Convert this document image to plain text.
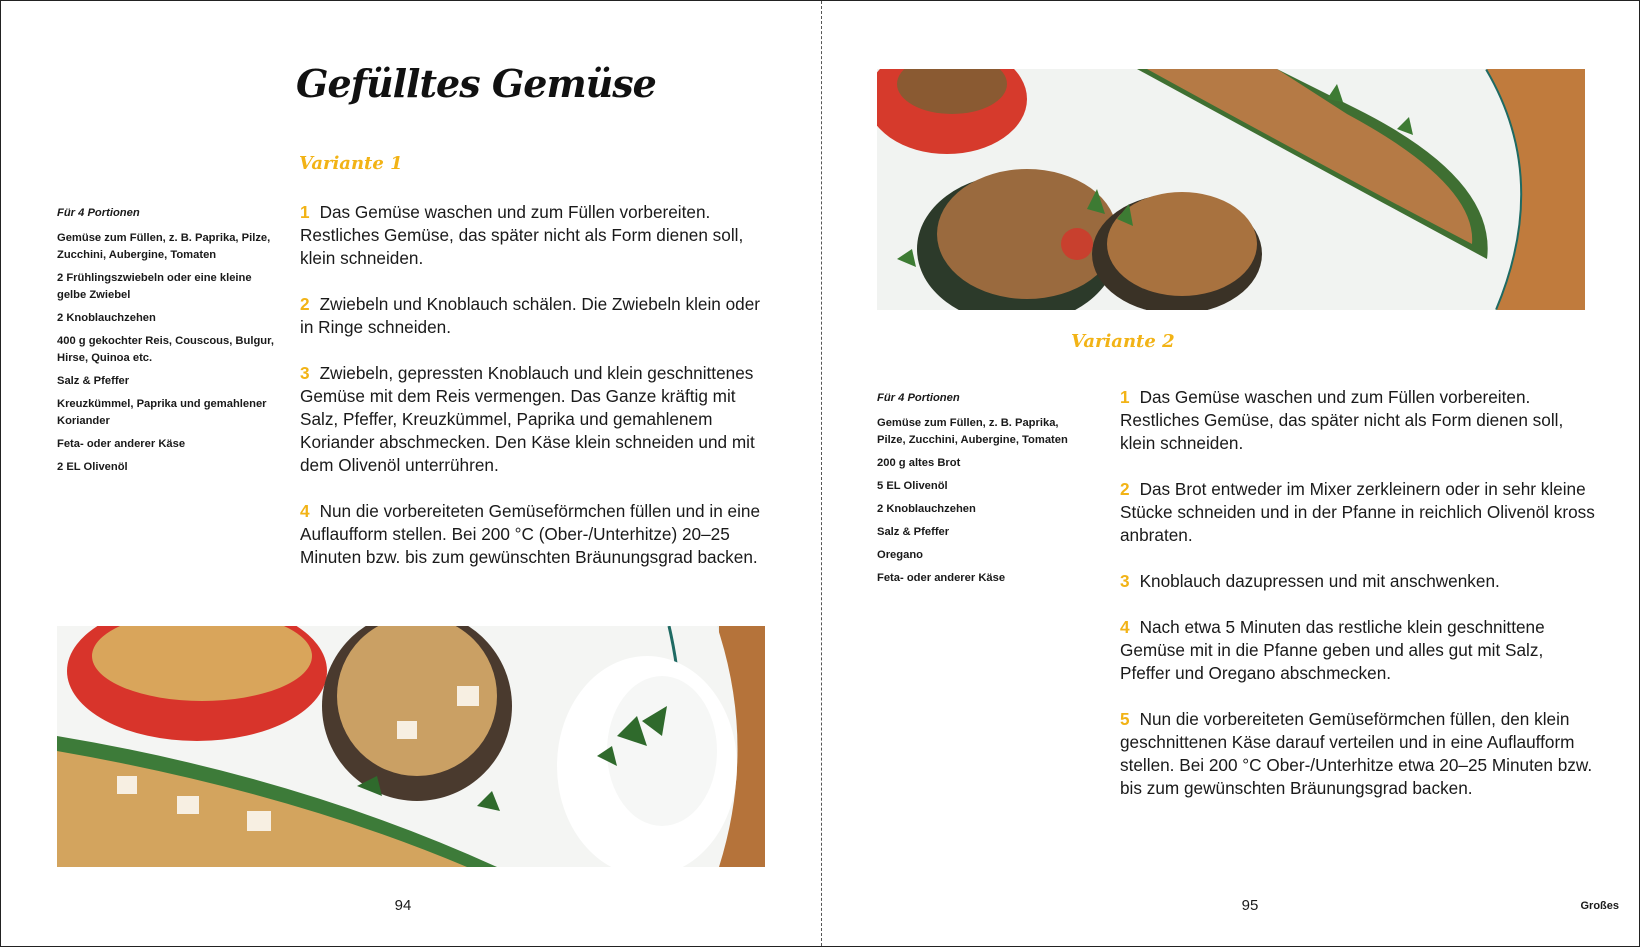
Gefülltes Gemüse
Variante 1
Für 4 Portionen
Gemüse zum Füllen, z. B. Paprika, Pilze, Zucchini, Aubergine, Tomaten
2 Frühlingszwiebeln oder eine kleine gelbe Zwiebel
2 Knoblauchzehen
400 g gekochter Reis, Couscous, Bulgur, Hirse, Quinoa etc.
Salz & Pfeffer
Kreuzkümmel, Paprika und gemahlener Koriander
Feta- oder anderer Käse
2 EL Olivenöl
1 Das Gemüse waschen und zum Füllen vorbereiten. Restliches Gemüse, das später nicht als Form dienen soll, klein schneiden.
2 Zwiebeln und Knoblauch schälen. Die Zwiebeln klein oder in Ringe schneiden.
3 Zwiebeln, gepressten Knoblauch und klein geschnittenes Gemüse mit dem Reis vermengen. Das Ganze kräftig mit Salz, Pfeffer, Kreuzkümmel, Paprika und gemahlenem Koriander abschmecken. Den Käse klein schneiden und mit dem Olivenöl unterrühren.
4 Nun die vorbereiteten Gemüseförmchen füllen und in eine Auflaufform stellen. Bei 200 °C (Ober-/Unterhitze) 20–25 Minuten bzw. bis zum gewünschten Bräunungsgrad backen.
94
Variante 2
Für 4 Portionen
Gemüse zum Füllen, z. B. Paprika, Pilze, Zucchini, Aubergine, Tomaten
200 g altes Brot
5 EL Olivenöl
2 Knoblauchzehen
Salz & Pfeffer
Oregano
Feta- oder anderer Käse
1 Das Gemüse waschen und zum Füllen vorbereiten. Restliches Gemüse, das später nicht als Form dienen soll, klein schneiden.
2 Das Brot entweder im Mixer zerkleinern oder in sehr kleine Stücke schneiden und in der Pfanne in reichlich Olivenöl kross anbraten.
3 Knoblauch dazupressen und mit anschwenken.
4 Nach etwa 5 Minuten das restliche klein geschnittene Gemüse mit in die Pfanne geben und alles gut mit Salz, Pfeffer und Oregano abschmecken.
5 Nun die vorbereiteten Gemüseförmchen füllen, den klein geschnittenen Käse darauf verteilen und in eine Auflaufform stellen. Bei 200 °C Ober-/Unterhitze etwa 20–25 Minuten bzw. bis zum gewünschten Bräunungsgrad backen.
95	Großes
